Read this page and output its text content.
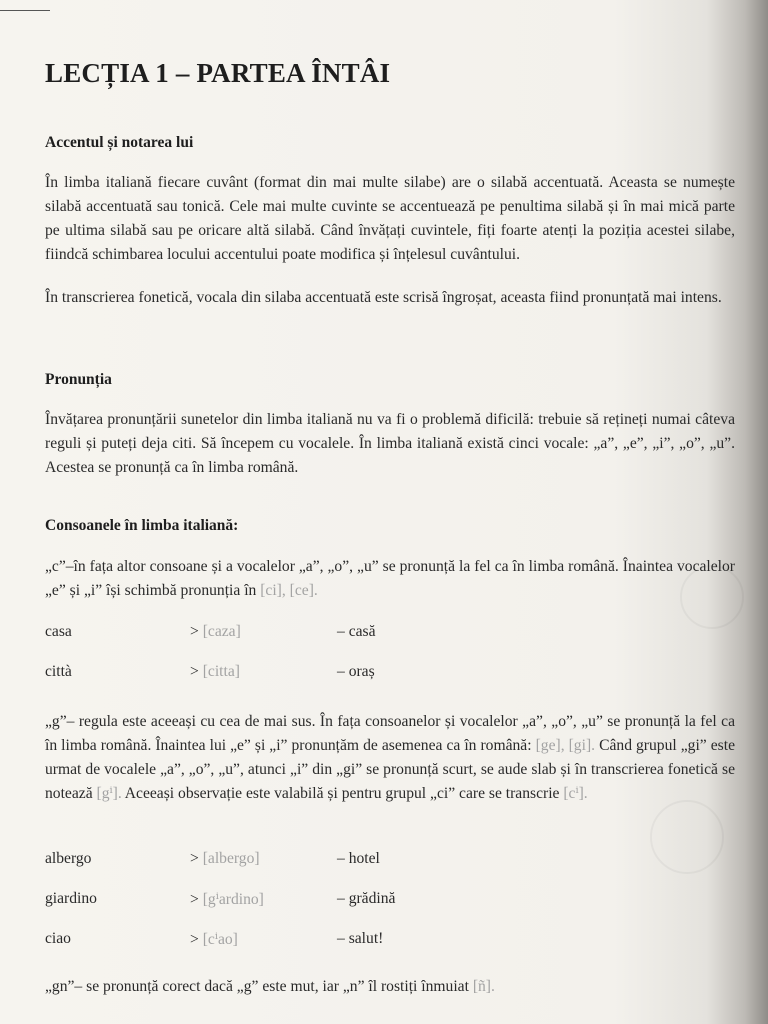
LECȚIA 1 – PARTEA ÎNTÂI
Accentul și notarea lui

În limba italiană fiecare cuvânt (format din mai multe silabe) are o silabă accentuată. Aceasta se numește silabă accentuată sau tonică. Cele mai multe cuvinte se accentuează pe penultima silabă și în mai mică parte pe ultima silabă sau pe oricare altă silabă. Când învățați cuvintele, fiți foarte atenți la poziția acestei silabe, fiindcă schimbarea locului accentului poate modifica și înțelesul cuvântului.

În transcrierea fonetică, vocala din silaba accentuată este scrisă îngroșat, aceasta fiind pronunțată mai intens.

Pronunția

Învățarea pronunțării sunetelor din limba italiană nu va fi o problemă dificilă: trebuie să rețineți numai câteva reguli și puteți deja citi. Să începem cu vocalele. În limba italiană există cinci vocale: „a”, „e”, „i”, „o”, „u”. Acestea se pronunță ca în limba română.

Consoanele în limba italiană:

„c”–în fața altor consoane și a vocalelor „a”, „o”, „u” se pronunță la fel ca în limba română. Înaintea vocalelor „e” și „i” își schimbă pronunția în [ci], [ce].

casa	> [caza]	– casă
città	> [citta]	– oraș

„g”– regula este aceeași cu cea de mai sus. În fața consoanelor și vocalelor „a”, „o”, „u” se pronunță la fel ca în limba română. Înaintea lui „e” și „i” pronunțăm de asemenea ca în română: [ge], [gi]. Când grupul „gi” este urmat de vocalele „a”, „o”, „u”, atunci „i” din „gi” se pronunță scurt, se aude slab și în transcrierea fonetică se notează [gⁱ]. Aceeași observație este valabilă și pentru grupul „ci” care se transcrie [cⁱ].

albergo	> [albergo]	– hotel
giardino	> [gⁱardino]	– grădină
ciao	> [cⁱao]	– salut!

„gn”– se pronunță corect dacă „g” este mut, iar „n” îl rostiți înmuiat [ñ].
